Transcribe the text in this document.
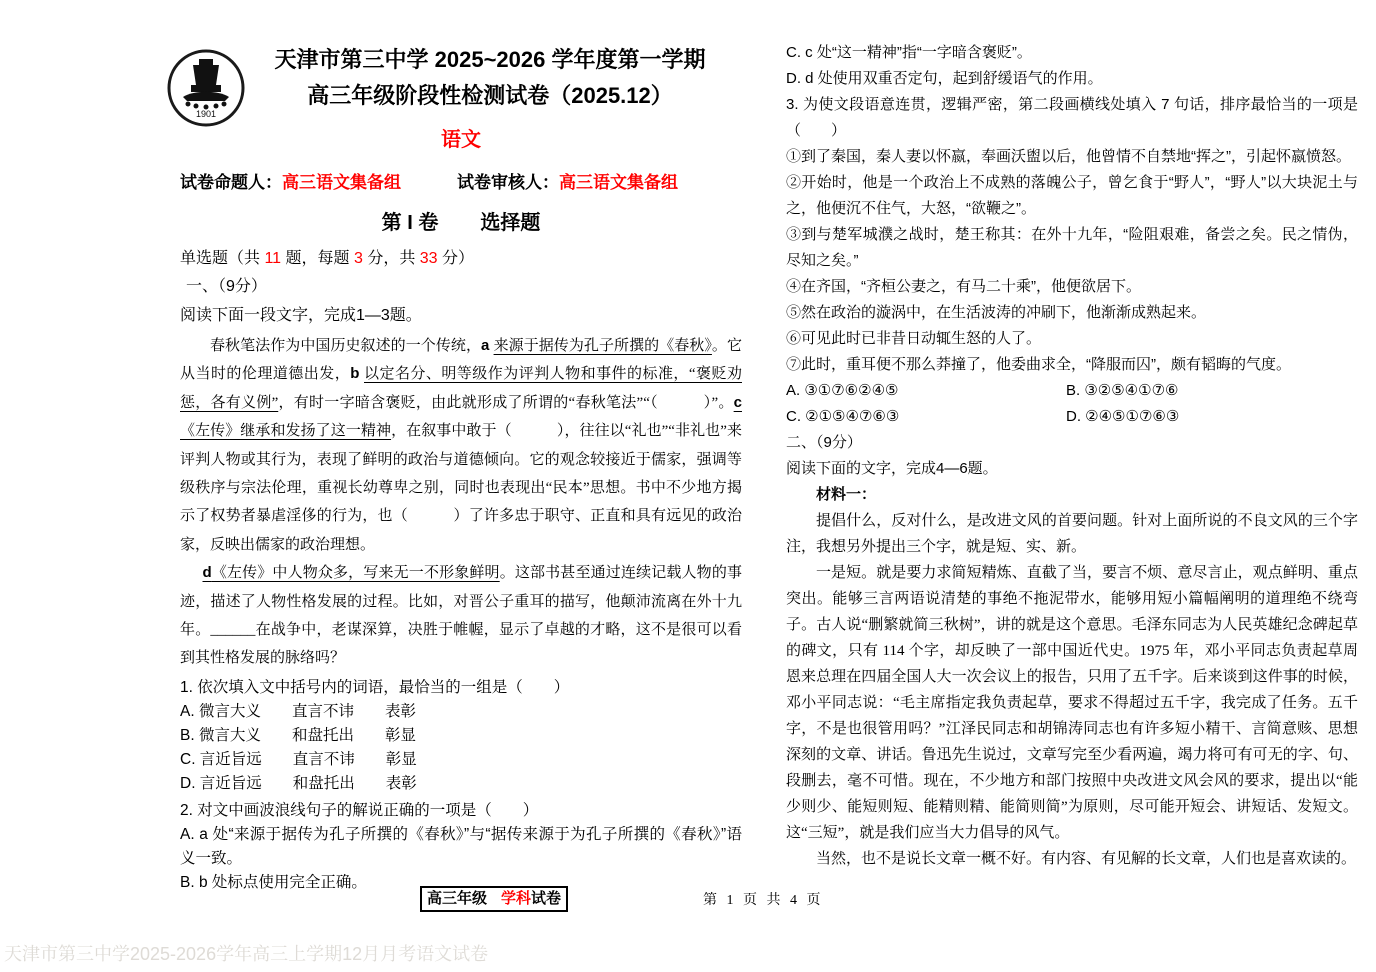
1901
天津市第三中学 2025~2026 学年度第一学期
高三年级阶段性检测试卷（2025.12）
语文
试卷命题人： 高三语文集备组	试卷审核人： 高三语文集备组
第 I 卷 选择题
单选题（共 11 题，每题 3 分，共 33 分）
一、（9分）
阅读下面一段文字，完成1—3题。

春秋笔法作为中国历史叙述的一个传统，a 来源于据传为孔子所撰的《春秋》。它从当时的伦理道德出发，b 以定名分、明等级作为评判人物和事件的标准，“褒贬劝惩，各有义例”，有时一字暗含褒贬，由此就形成了所谓的“春秋笔法”“（　　　）”。c《左传》继承和发扬了这一精神，在叙事中敢于（　　　），往往以“礼也”“非礼也”来评判人物或其行为，表现了鲜明的政治与道德倾向。它的观念较接近于儒家，强调等级秩序与宗法伦理，重视长幼尊卑之别，同时也表现出“民本”思想。书中不少地方揭示了权势者暴虐淫侈的行为，也（　　　）了许多忠于职守、正直和具有远见的政治家，反映出儒家的政治理想。

d《左传》中人物众多，写来无一不形象鲜明。这部书甚至通过连续记载人物的事迹，描述了人物性格发展的过程。比如，对晋公子重耳的描写，他颠沛流离在外十九年。______在战争中，老谋深算，决胜于帷幄，显示了卓越的才略，这不是很可以看到其性格发展的脉络吗？

1. 依次填入文中括号内的词语，最恰当的一组是（　　）
A. 微言大义　　直言不讳　　表彰
B. 微言大义　　和盘托出　　彰显
C. 言近旨远　　直言不讳　　彰显
D. 言近旨远　　和盘托出　　表彰
2. 对文中画波浪线句子的解说正确的一项是（　　）
A. a 处“来源于据传为孔子所撰的《春秋》”与“据传来源于为孔子所撰的《春秋》”语义一致。
B. b 处标点使用完全正确。
C. c 处“这一精神”指“一字暗含褒贬”。
D. d 处使用双重否定句，起到舒缓语气的作用。
3. 为使文段语意连贯，逻辑严密，第二段画横线处填入 7 句话，排序最恰当的一项是（　　）
①到了秦国，秦人妻以怀嬴，奉画沃盥以后，他曾情不自禁地“挥之”，引起怀嬴愤怒。
②开始时，他是一个政治上不成熟的落魄公子，曾乞食于“野人”，“野人”以大块泥土与之，他便沉不住气，大怒，“欲鞭之”。
③到与楚军城濮之战时，楚王称其：在外十九年，“险阻艰难，备尝之矣。民之情伪，尽知之矣。”
④在齐国，“齐桓公妻之，有马二十乘”，他便欲居下。
⑤然在政治的漩涡中，在生活波涛的冲刷下，他渐渐成熟起来。
⑥可见此时已非昔日动辄生怒的人了。
⑦此时，重耳便不那么莽撞了，他委曲求全，“降服而囚”，颇有韬晦的气度。
A. ③①⑦⑥②④⑤	B. ③②⑤④①⑦⑥
C. ②①⑤④⑦⑥③	D. ②④⑤①⑦⑥③
二、（9分）
阅读下面的文字，完成4—6题。
材料一：

提倡什么，反对什么，是改进文风的首要问题。针对上面所说的不良文风的三个字注，我想另外提出三个字，就是短、实、新。

一是短。就是要力求简短精炼、直截了当，要言不烦、意尽言止，观点鲜明、重点突出。能够三言两语说清楚的事绝不拖泥带水，能够用短小篇幅阐明的道理绝不绕弯子。古人说“删繁就简三秋树”，讲的就是这个意思。毛泽东同志为人民英雄纪念碑起草的碑文，只有 114 个字，却反映了一部中国近代史。1975 年，邓小平同志负责起草周恩来总理在四届全国人大一次会议上的报告，只用了五千字。后来谈到这件事的时候，邓小平同志说：“毛主席指定我负责起草，要求不得超过五千字，我完成了任务。五千字，不是也很管用吗？”江泽民同志和胡锦涛同志也有许多短小精干、言简意赅、思想深刻的文章、讲话。鲁迅先生说过，文章写完至少看两遍，竭力将可有可无的字、句、段删去，毫不可惜。现在，不少地方和部门按照中央改进文风会风的要求，提出以“能少则少、能短则短、能精则精、能简则简”为原则，尽可能开短会、讲短话、发短文。这“三短”，就是我们应当大力倡导的风气。

当然，也不是说长文章一概不好。有内容、有见解的长文章，人们也是喜欢读的。

高三年级 学科试卷	第 1 页 共 4 页
天津市第三中学2025-2026学年高三上学期12月月考语文试卷
